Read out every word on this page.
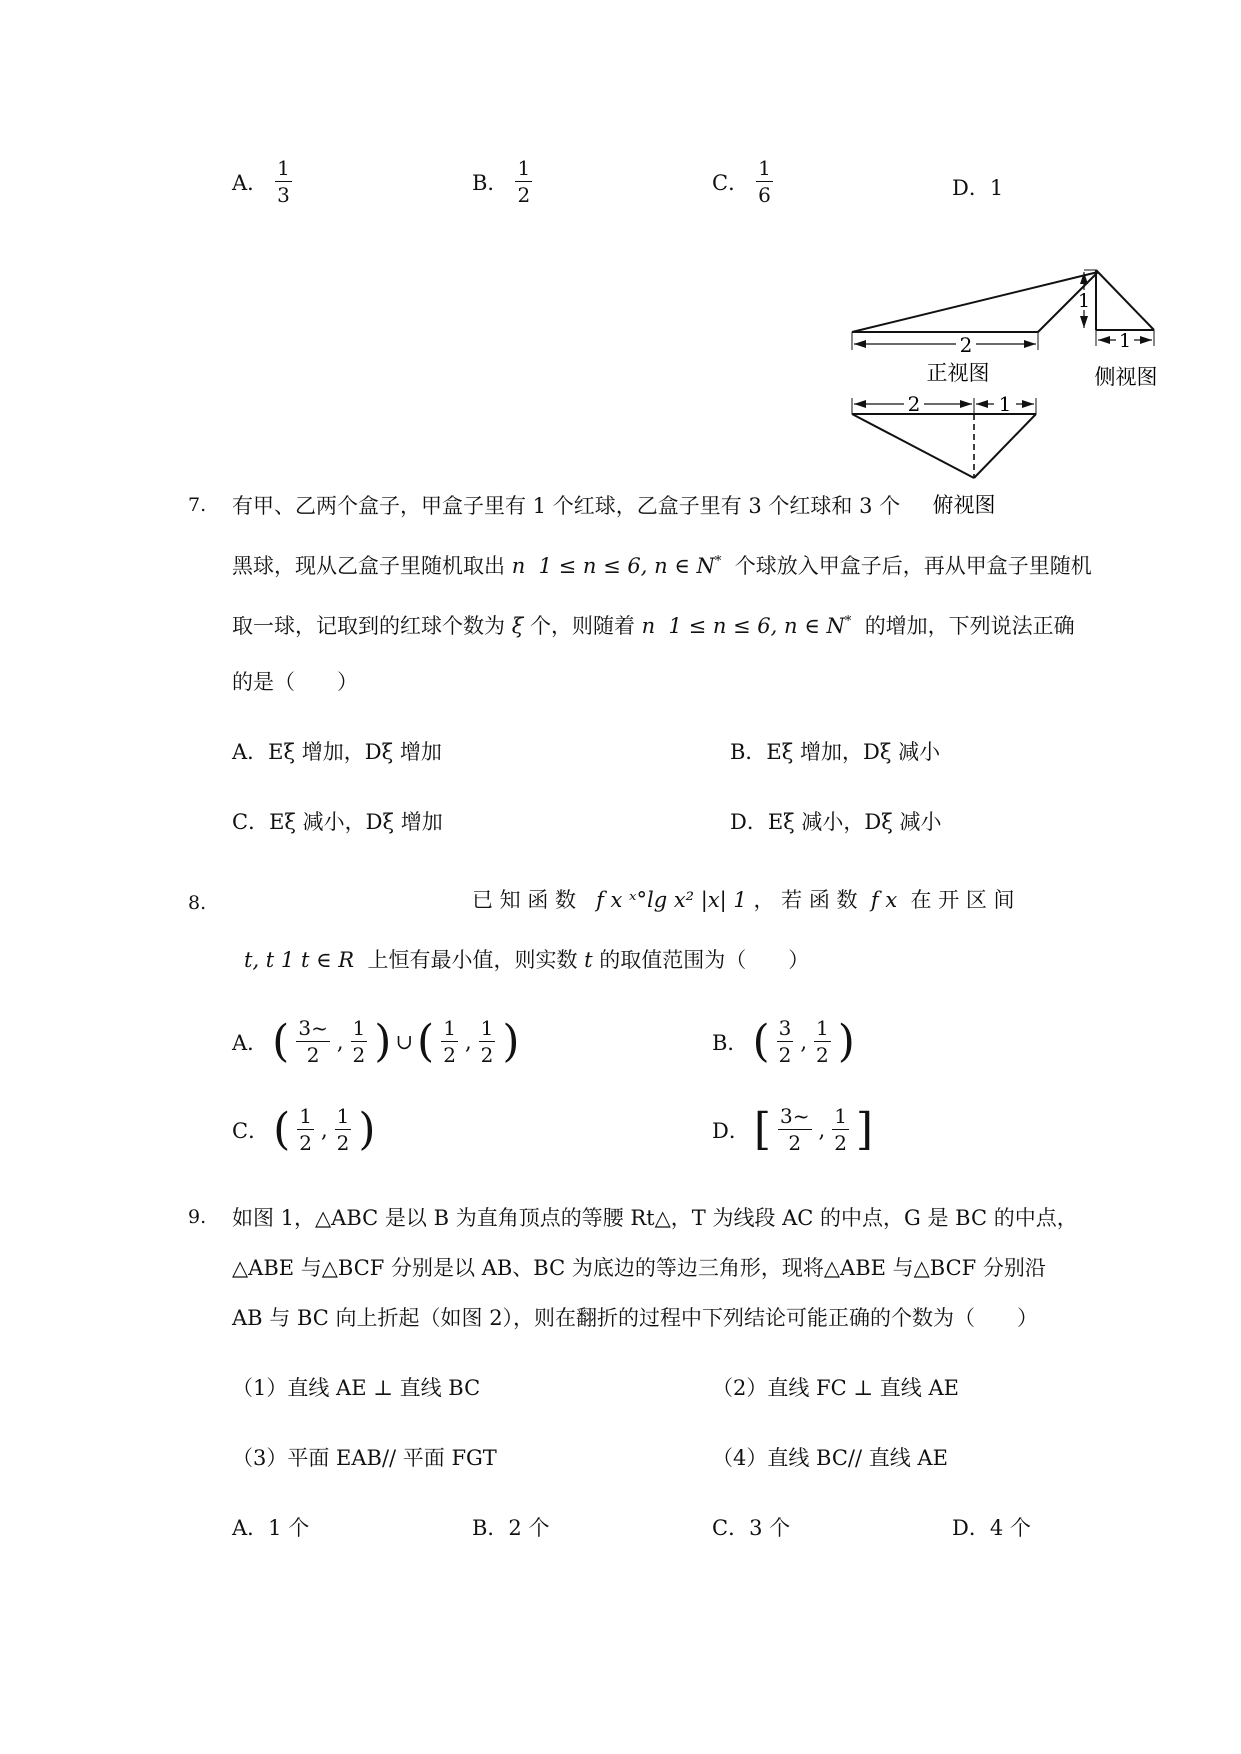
A． $\frac{1}{3}$	B． $\frac{1}{2}$	C． $\frac{1}{6}$	D．1
2
正视图
1
1
侧视图
2	1
俯视图
7. 有甲、乙两个盒子，甲盒子里有 1 个红球，乙盒子里有 3 个红球和 3 个
黑球，现从乙盒子里随机取出 n 1 ≤ n ≤ 6, n ∈ N* 个球放入甲盒子后，再从甲盒子里随机
取一球，记取到的红球个数为 ξ 个，则随着 n 1 ≤ n ≤ 6, n ∈ N* 的增加，下列说法正确
的是（　　）
A．Eξ 增加，Dξ 增加	B．Eξ 增加，Dξ 减小
C．Eξ 减小，Dξ 增加	D．Eξ 减小，Dξ 减小
8.	已 知 函 数 f x ˣ°lg x² |x| 1 ， 若 函 数 f x 在 开 区 间
t, t 1 t ∈ R 上恒有最小值，则实数 t 的取值范围为（　　）
A． ( $\frac{3\sim}{2}$ , $\frac{1}{2}$ ) ∪ ( $\frac{1}{2}$ , $\frac{1}{2}$ )	B． ( $\frac{3}{2}$ , $\frac{1}{2}$ )
C． ( $\frac{1}{2}$ , $\frac{1}{2}$ )	D． [ $\frac{3\sim}{2}$ , $\frac{1}{2}$ ]
9. 如图 1，△ABC 是以 B 为直角顶点的等腰 Rt△，T 为线段 AC 的中点，G 是 BC 的中点，
△ABE 与△BCF 分别是以 AB、BC 为底边的等边三角形，现将△ABE 与△BCF 分别沿
AB 与 BC 向上折起（如图 2），则在翻折的过程中下列结论可能正确的个数为（　　）
（1）直线 AE ⊥ 直线 BC	（2）直线 FC ⊥ 直线 AE
（3）平面 EAB// 平面 FGT	（4）直线 BC// 直线 AE
A．1 个	B．2 个	C．3 个	D．4 个
